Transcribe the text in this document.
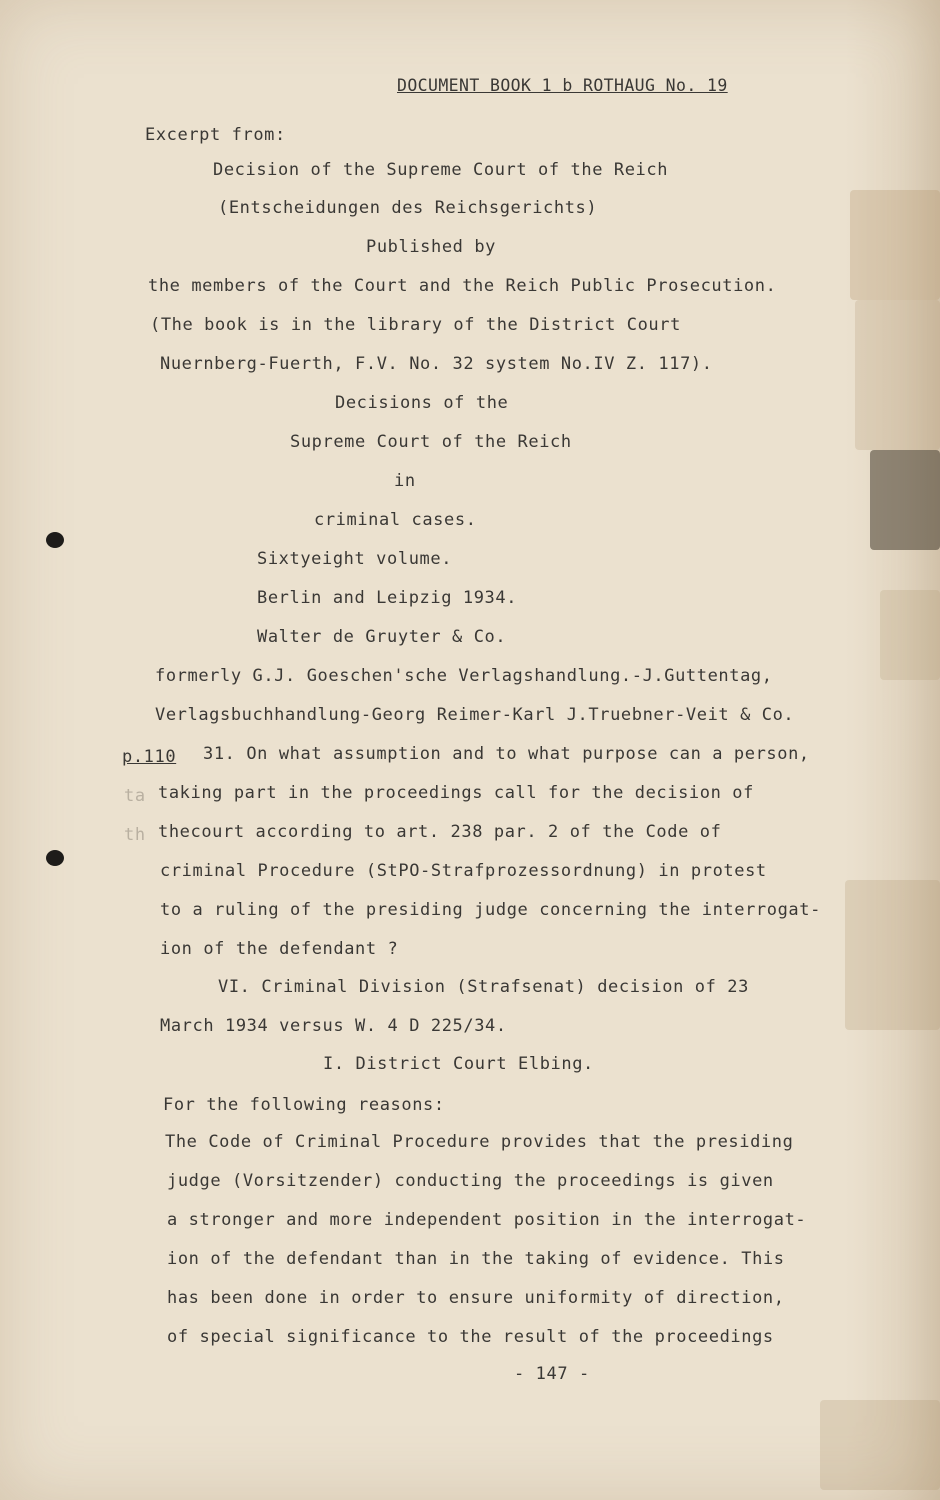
DOCUMENT BOOK 1 b ROTHAUG No. 19
Excerpt from:
Decision of the Supreme Court of the Reich
(Entscheidungen des Reichsgerichts)
Published by
the members of the Court and the Reich Public Prosecution.
(The book is in the library of the District Court
Nuernberg-Fuerth, F.V. No. 32 system No.IV Z. 117).
Decisions of the
Supreme Court of the Reich
in
criminal cases.
Sixtyeight volume.
Berlin and Leipzig 1934.
Walter de Gruyter & Co.
formerly G.J. Goeschen'sche Verlagshandlung.-J.Guttentag,
Verlagsbuchhandlung-Georg Reimer-Karl J.Truebner-Veit & Co.
p.110 31. On what assumption and to what purpose can a person,
ta taking part in the proceedings call for the decision of
th thecourt according to art. 238 par. 2 of the Code of
criminal Procedure (StPO-Strafprozessordnung) in protest
to a ruling of the presiding judge concerning the interrogat-
ion of the defendant ?
VI. Criminal Division (Strafsenat) decision of 23
March 1934 versus W. 4 D 225/34.
I. District Court Elbing.
For the following reasons:
The Code of Criminal Procedure provides that the presiding
judge (Vorsitzender) conducting the proceedings is given
a stronger and more independent position in the interrogat-
ion of the defendant than in the taking of evidence. This
has been done in order to ensure uniformity of direction,
of special significance to the result of the proceedings
- 147 -
